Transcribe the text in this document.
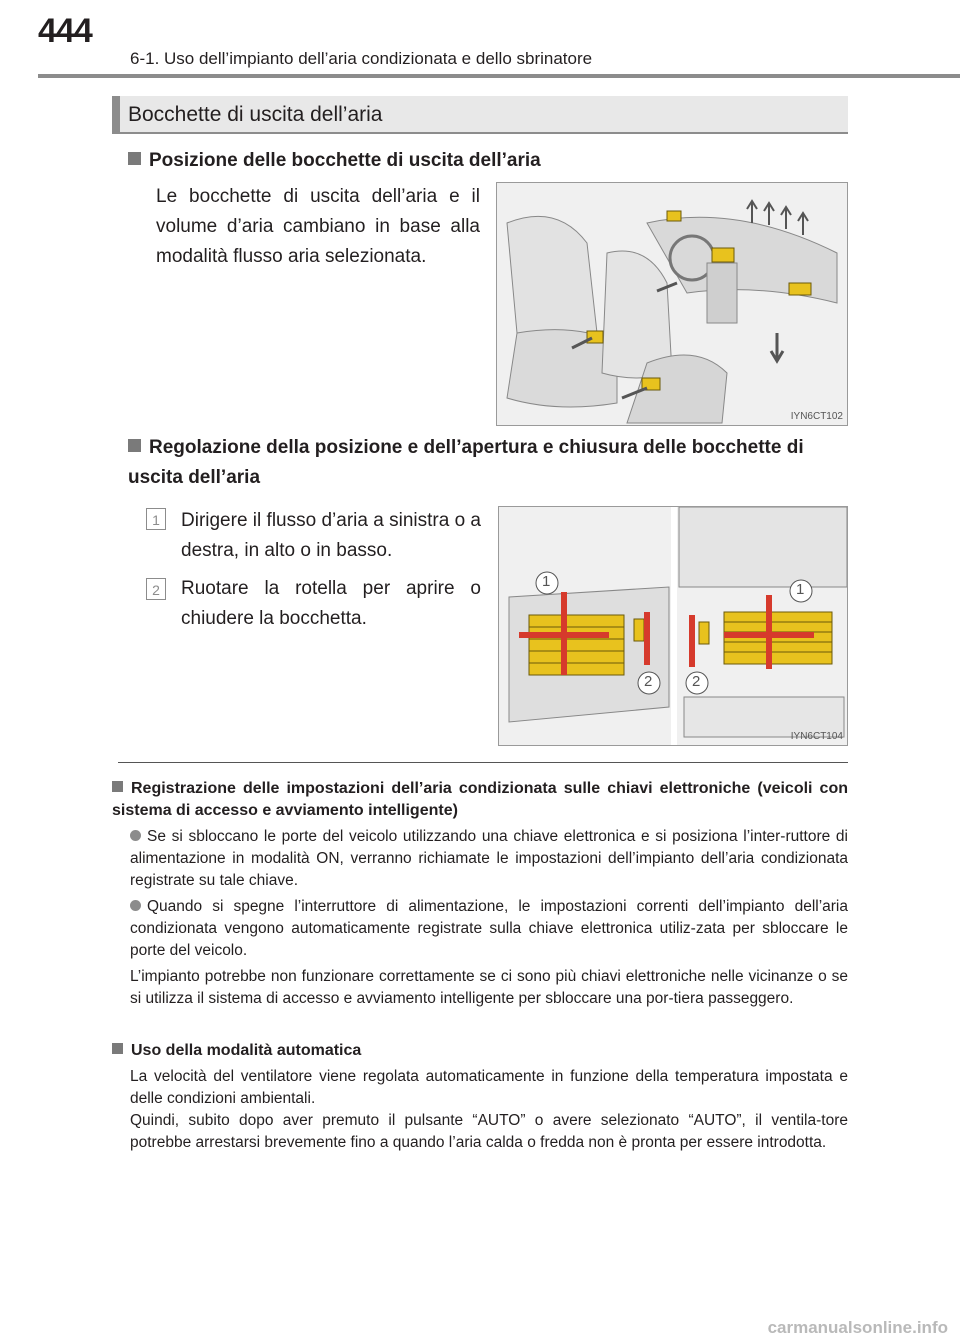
444
6-1. Uso dell’impianto dell’aria condizionata e dello sbrinatore
Bocchette di uscita dell’aria
Posizione delle bocchette di uscita dell’aria
Le bocchette di uscita dell’aria e il volume d’aria cambiano in base alla modalità flusso aria selezionata.
IYN6CT102
Regolazione della posizione e dell’apertura e chiusura delle bocchette di uscita dell’aria
1	Dirigere il flusso d’aria a sinistra o a destra, in alto o in basso.
2	Ruotare la rotella per aprire o chiudere la bocchetta.
1	1
2	2
IYN6CT104
Registrazione delle impostazioni dell’aria condizionata sulle chiavi elettroniche (veicoli con sistema di accesso e avviamento intelligente)
Se si sbloccano le porte del veicolo utilizzando una chiave elettronica e si posiziona l’inter-ruttore di alimentazione in modalità ON, verranno richiamate le impostazioni dell’impianto dell’aria condizionata registrate su tale chiave.
Quando si spegne l’interruttore di alimentazione, le impostazioni correnti dell’impianto dell’aria condizionata vengono automaticamente registrate sulla chiave elettronica utiliz-zata per sbloccare le porte del veicolo.
L’impianto potrebbe non funzionare correttamente se ci sono più chiavi elettroniche nelle vicinanze o se si utilizza il sistema di accesso e avviamento intelligente per sbloccare una por-tiera passeggero.
Uso della modalità automatica
La velocità del ventilatore viene regolata automaticamente in funzione della temperatura impostata e delle condizioni ambientali.
Quindi, subito dopo aver premuto il pulsante “AUTO” o avere selezionato “AUTO”, il ventila-tore potrebbe arrestarsi brevemente fino a quando l’aria calda o fredda non è pronta per essere introdotta.
carmanualsonline.info
